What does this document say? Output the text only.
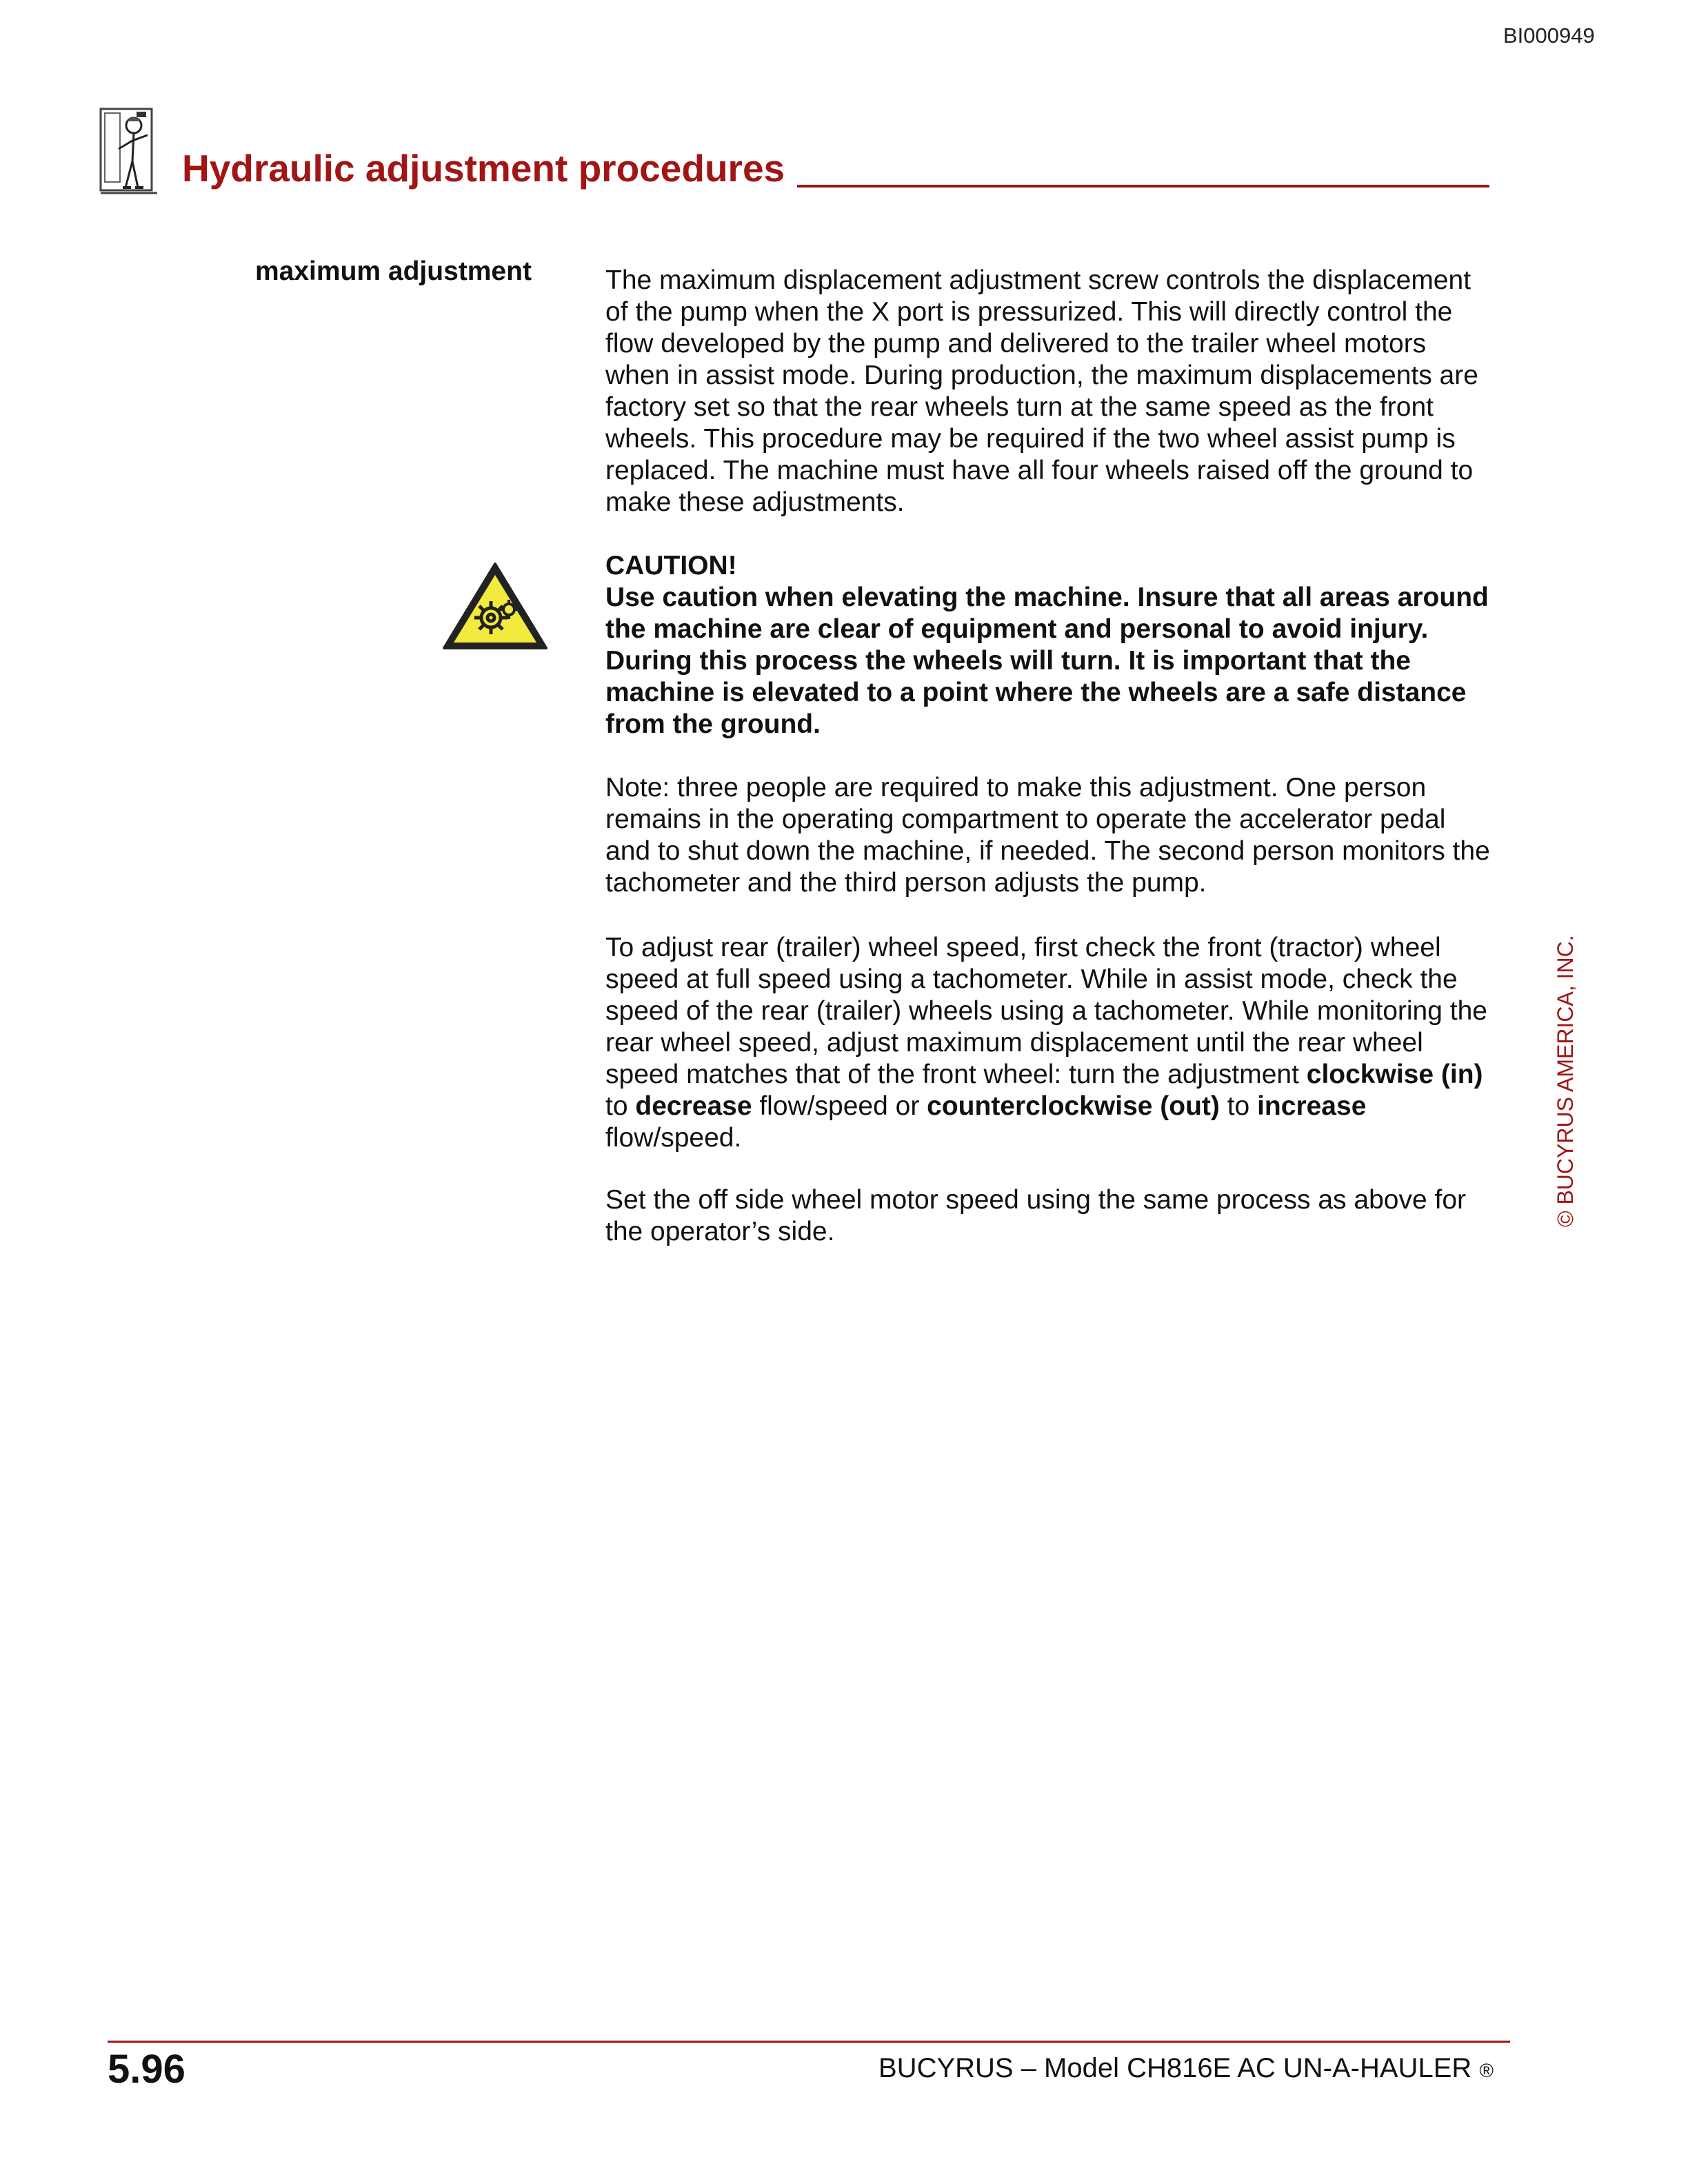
BI000949
Hydraulic adjustment procedures
maximum adjustment	The maximum displacement adjustment screw controls the displacement of the pump when the X port is pressurized. This will directly control the flow developed by the pump and delivered to the trailer wheel motors when in assist mode. During production, the maximum displacements are factory set so that the rear wheels turn at the same speed as the front wheels. This procedure may be required if the two wheel assist pump is replaced. The machine must have all four wheels raised off the ground to make these adjustments.

CAUTION!

Use caution when elevating the machine. Insure that all areas around the machine are clear of equipment and personal to avoid injury. During this process the wheels will turn. It is important that the machine is elevated to a point where the wheels are a safe distance from the ground.

Note: three people are required to make this adjustment. One person remains in the operating compartment to operate the accelerator pedal and to shut down the machine, if needed. The second person monitors the tachometer and the third person adjusts the pump.

To adjust rear (trailer) wheel speed, first check the front (tractor) wheel speed at full speed using a tachometer. While in assist mode, check the speed of the rear (trailer) wheels using a tachometer. While monitoring the rear wheel speed, adjust maximum displacement until the rear wheel speed matches that of the front wheel: turn the adjustment clockwise (in) to decrease flow/speed or counterclockwise (out) to increase flow/speed.

Set the off side wheel motor speed using the same process as above for the operator’s side.

© BUCYRUS AMERICA, INC.
5.96	BUCYRUS – Model CH816E AC UN-A-HAULER ®
